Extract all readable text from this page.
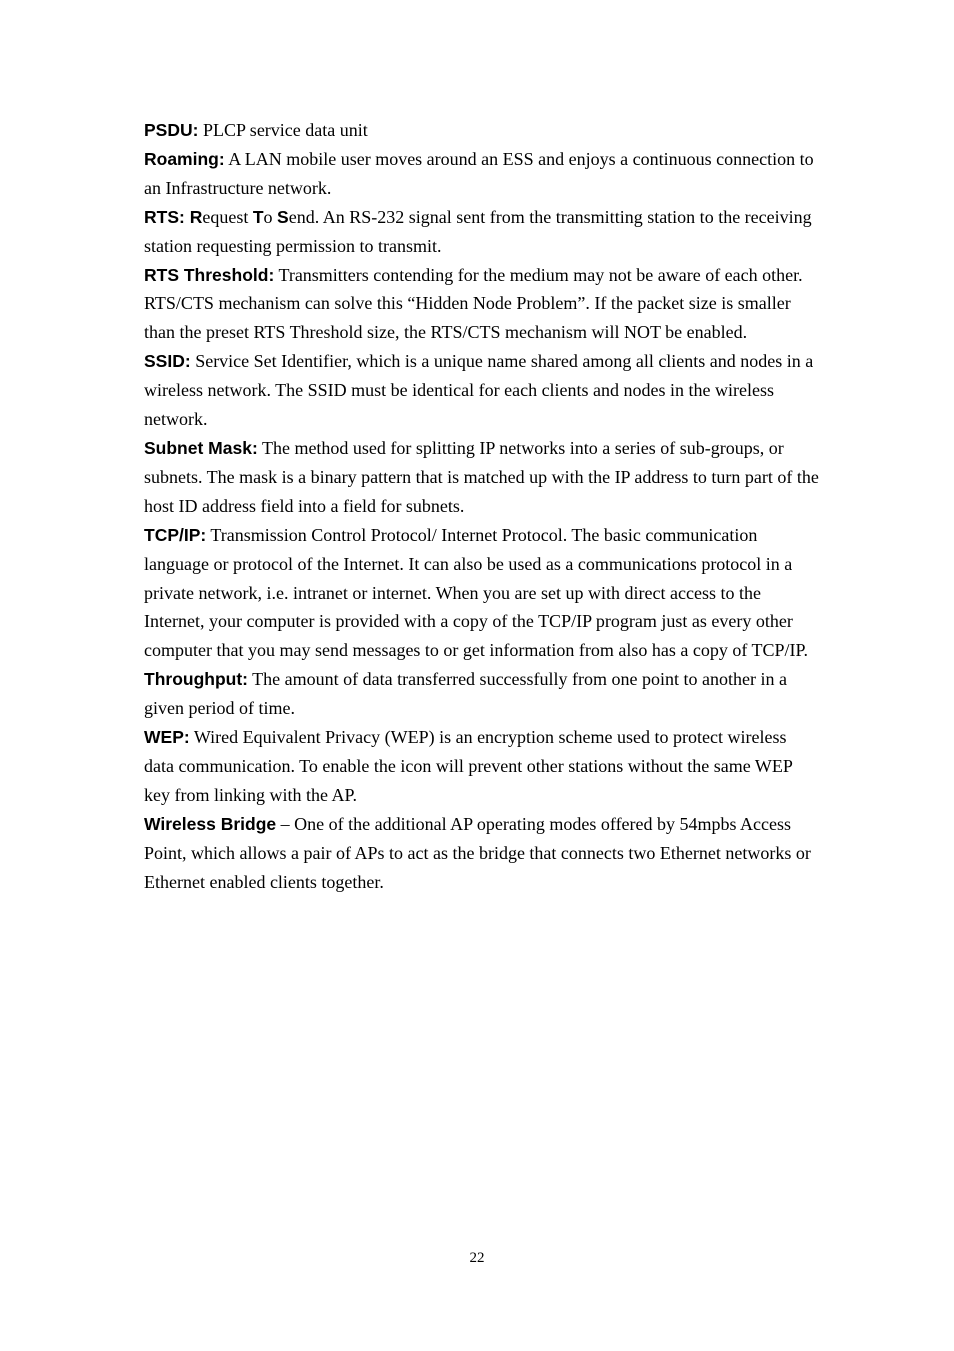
PSDU: PLCP service data unit

Roaming: A LAN mobile user moves around an ESS and enjoys a continuous connection to an Infrastructure network.

RTS: Request To Send. An RS-232 signal sent from the transmitting station to the receiving station requesting permission to transmit.

RTS Threshold: Transmitters contending for the medium may not be aware of each other. RTS/CTS mechanism can solve this “Hidden Node Problem”. If the packet size is smaller than the preset RTS Threshold size, the RTS/CTS mechanism will NOT be enabled.

SSID: Service Set Identifier, which is a unique name shared among all clients and nodes in a wireless network. The SSID must be identical for each clients and nodes in the wireless network.

Subnet Mask: The method used for splitting IP networks into a series of sub-groups, or subnets. The mask is a binary pattern that is matched up with the IP address to turn part of the host ID address field into a field for subnets.

TCP/IP: Transmission Control Protocol/ Internet Protocol. The basic communication language or protocol of the Internet. It can also be used as a communications protocol in a private network, i.e. intranet or internet. When you are set up with direct access to the Internet, your computer is provided with a copy of the TCP/IP program just as every other computer that you may send messages to or get information from also has a copy of TCP/IP.

Throughput: The amount of data transferred successfully from one point to another in a given period of time.

WEP: Wired Equivalent Privacy (WEP) is an encryption scheme used to protect wireless data communication. To enable the icon will prevent other stations without the same WEP key from linking with the AP.

Wireless Bridge – One of the additional AP operating modes offered by 54mpbs Access Point, which allows a pair of APs to act as the bridge that connects two Ethernet networks or Ethernet enabled clients together.

22
